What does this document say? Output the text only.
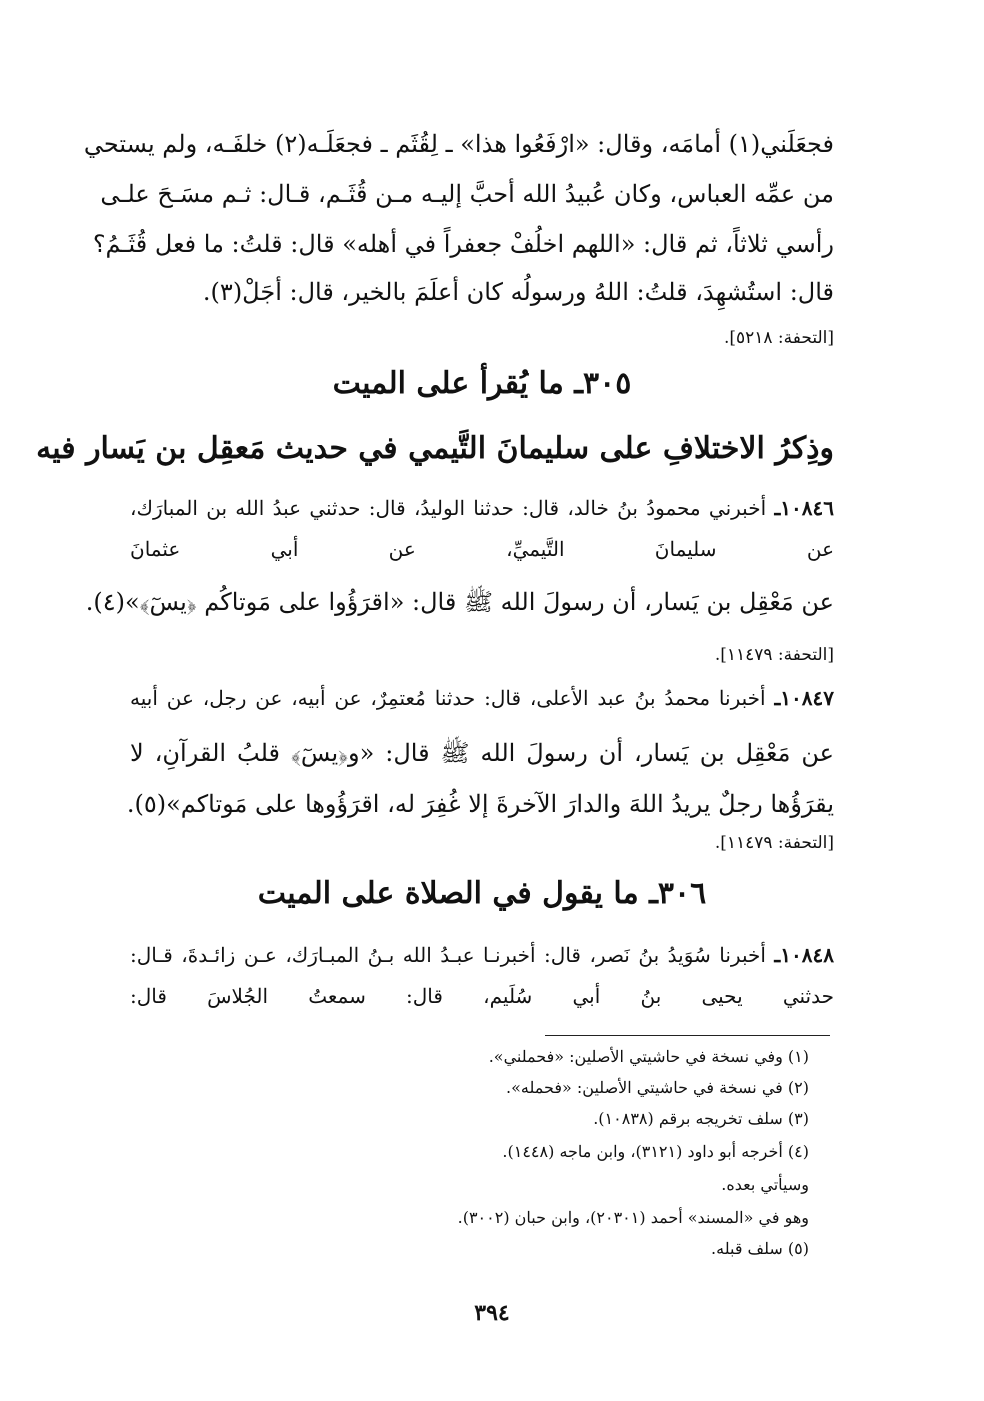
فجعَلَني(١) أمامَه، وقال: «ارْفَعُوا هذا» ـ لِقُثَم ـ فجعَلَـه(٢) خلفَـه، ولم يستحي
من عمِّه العباس، وكان عُبيدُ الله أحبَّ إليـه مـن قُثَـم، قـال: ثـم مسَـحَ علـى
رأسي ثلاثاً، ثم قال: «اللهم اخلُفْ جعفراً في أهله» قال: قلتُ: ما فعل قُثَـمُ؟
قال: استُشهِدَ، قلتُ: اللهُ ورسولُه كان أعلَمَ بالخير، قال: أجَلْ(٣).
[التحفة: ٥٢١٨].
٣٠٥ـ ما يُقرأ على الميت
وذِكرُ الاختلافِ على سليمانَ التَّيمي في حديث مَعقِل بن يَسار فيه
١٠٨٤٦ـ أخبرني محمودُ بنُ خالد، قال: حدثنا الوليدُ، قال: حدثني عبدُ الله بن المبارَك،
عن سليمانَ التَّيميِّ، عن أبي عثمانَ
عن مَعْقِل بن يَسار، أن رسولَ الله ﷺ قال: «اقرَؤُوا على مَوتاكُم ﴿يسٓ﴾»(٤).
[التحفة: ١١٤٧٩].
١٠٨٤٧ـ أخبرنا محمدُ بنُ عبد الأعلى، قال: حدثنا مُعتمِرٌ، عن أبيه، عن رجل، عن أبيه
عن مَعْقِل بن يَسار، أن رسولَ الله ﷺ قال: «و﴿يسٓ﴾ قلبُ القرآنِ، لا
يقرَؤُها رجلٌ يريدُ اللهَ والدارَ الآخرةَ إلا غُفِرَ له، اقرَؤُوها على مَوتاكم»(٥).
[التحفة: ١١٤٧٩].
٣٠٦ـ ما يقول في الصلاة على الميت
١٠٨٤٨ـ أخبرنا سُوَيدُ بنُ نَصر، قال: أخبرنـا عبـدُ الله بـنُ المبـارَك، عـن زائـدةَ، قـال:
حدثني يحيى بنُ أبي سُلَيم، قال: سمعتُ الجُلاسَ قال:
(١) وفي نسخة في حاشيتي الأصلين: «فحملني».
(٢) في نسخة في حاشيتي الأصلين: «فحمله».
(٣) سلف تخريجه برقم (١٠٨٣٨).
(٤) أخرجه أبو داود (٣١٢١)، وابن ماجه (١٤٤٨).
وسيأتي بعده.
وهو في «المسند» أحمد (٢٠٣٠١)، وابن حبان (٣٠٠٢).
(٥) سلف قبله.
٣٩٤
